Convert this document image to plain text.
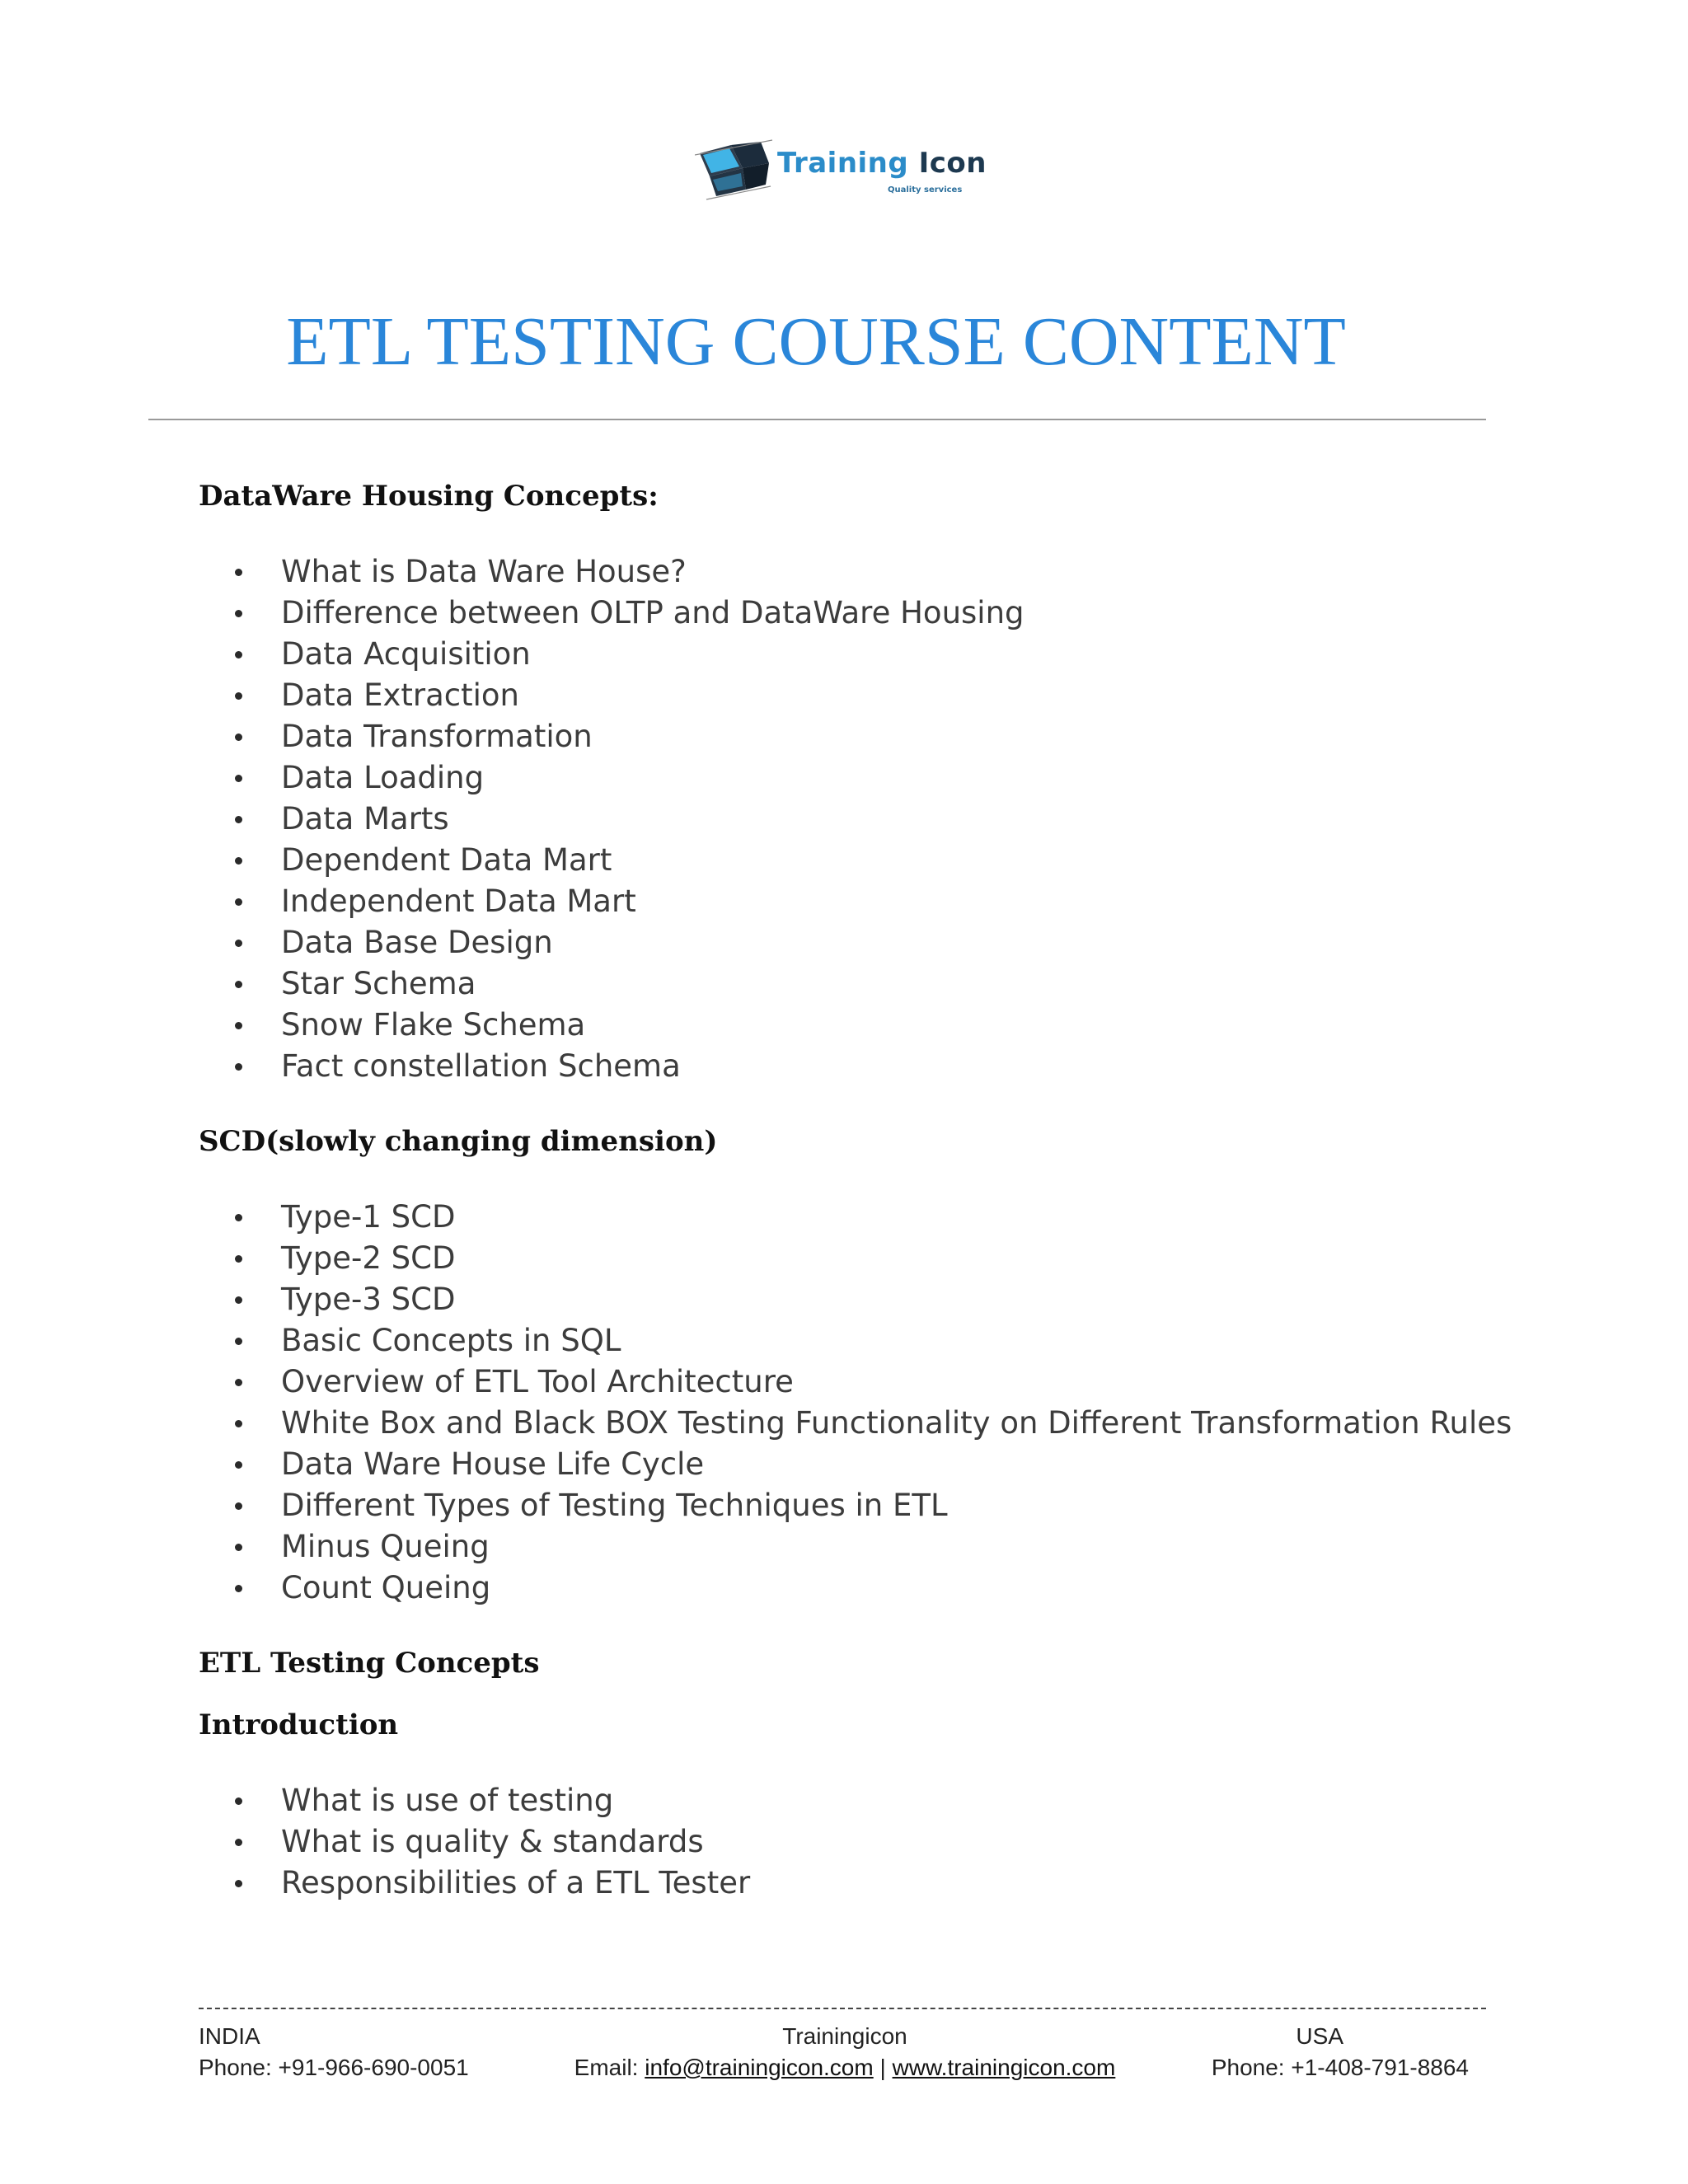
Training Icon
Quality services
ETL TESTING COURSE CONTENT
DataWare Housing Concepts:
What is Data Ware House?
Difference between OLTP and DataWare Housing
Data Acquisition
Data Extraction
Data Transformation
Data Loading
Data Marts
Dependent Data Mart
Independent Data Mart
Data Base Design
Star Schema
Snow Flake Schema
Fact constellation Schema
SCD(slowly changing dimension)
Type-1 SCD
Type-2 SCD
Type-3 SCD
Basic Concepts in SQL
Overview of ETL Tool Architecture
White Box and Black BOX Testing Functionality on Different Transformation Rules
Data Ware House Life Cycle
Different Types of Testing Techniques in ETL
Minus Queing
Count Queing
ETL Testing Concepts
Introduction
What is use of testing
What is quality & standards
Responsibilities of a ETL Tester
INDIA
Phone: +91-966-690-0051
Trainingicon
Email: info@trainingicon.com | www.trainingicon.com
USA
Phone: +1-408-791-8864
